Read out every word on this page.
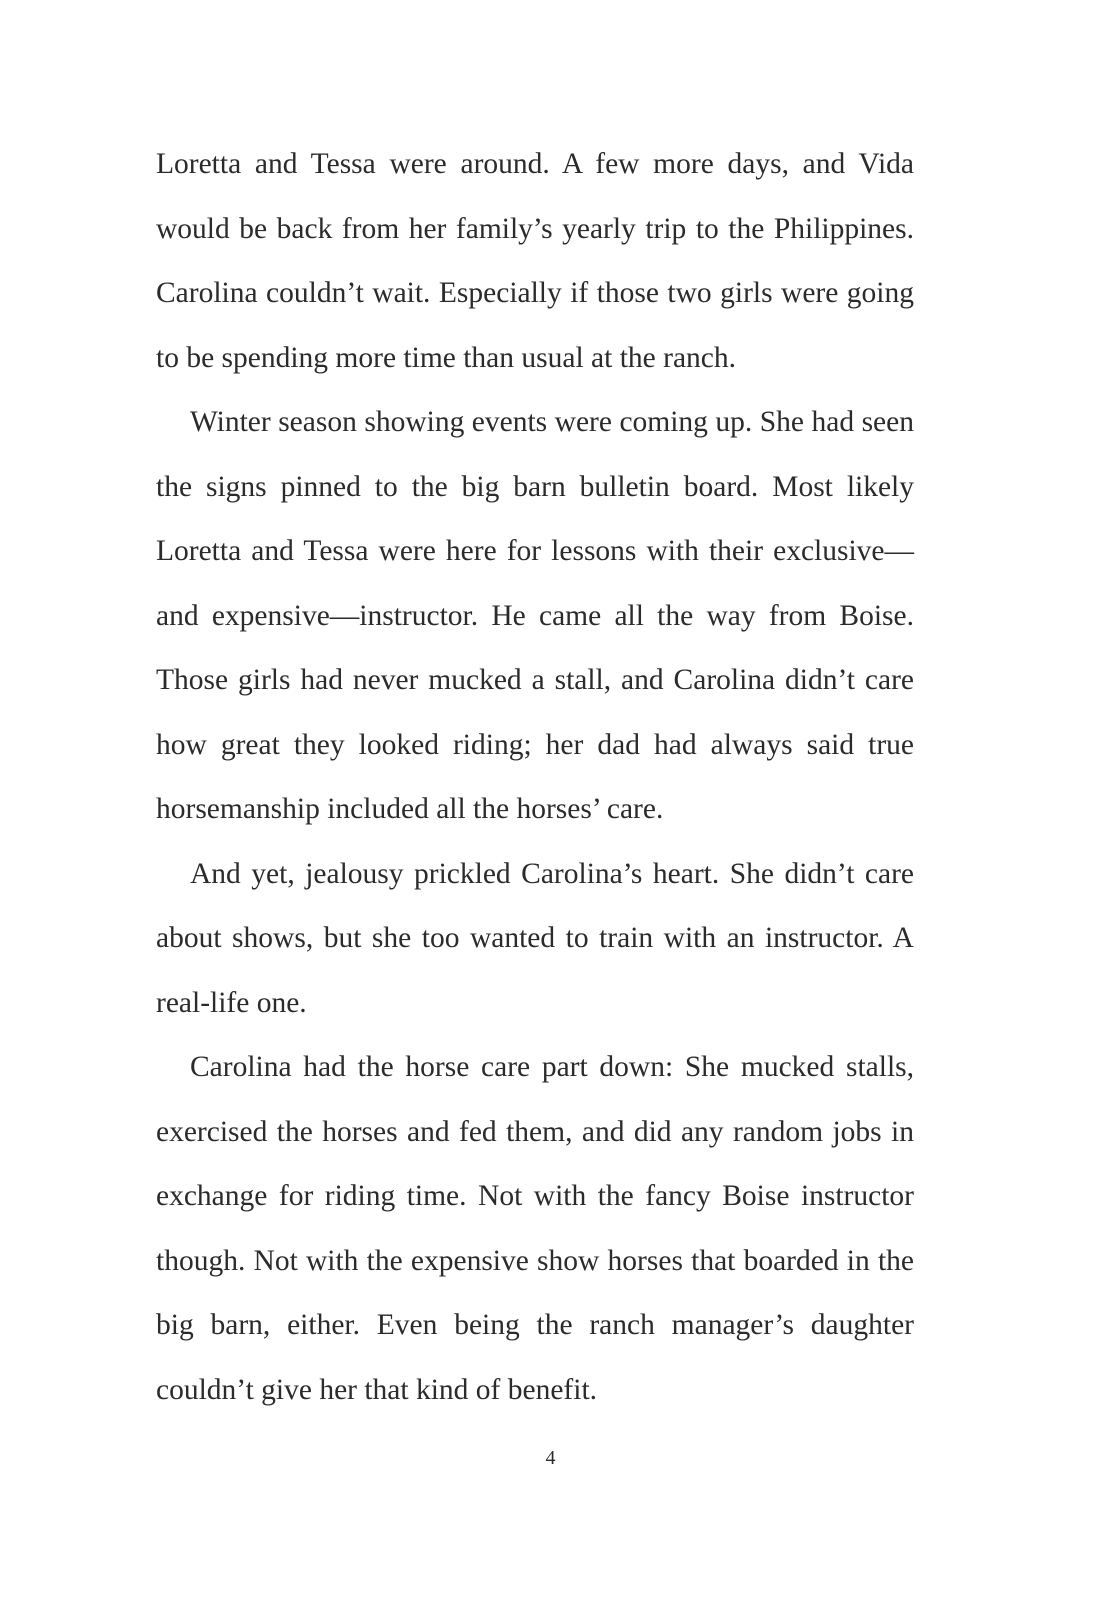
Loretta and Tessa were around. A few more days, and Vida would be back from her family’s yearly trip to the Philippines. Carolina couldn’t wait. Especially if those two girls were going to be spending more time than usual at the ranch.

Winter season showing events were coming up. She had seen the signs pinned to the big barn bulletin board. Most likely Loretta and Tessa were here for lessons with their exclusive—and expensive—instructor. He came all the way from Boise. Those girls had never mucked a stall, and Carolina didn’t care how great they looked riding; her dad had always said true horsemanship included all the horses’ care.

And yet, jealousy prickled Carolina’s heart. She didn’t care about shows, but she too wanted to train with an instructor. A real-life one.

Carolina had the horse care part down: She mucked stalls, exercised the horses and fed them, and did any random jobs in exchange for riding time. Not with the fancy Boise instructor though. Not with the expensive show horses that boarded in the big barn, either. Even being the ranch manager’s daughter couldn’t give her that kind of benefit.

4
